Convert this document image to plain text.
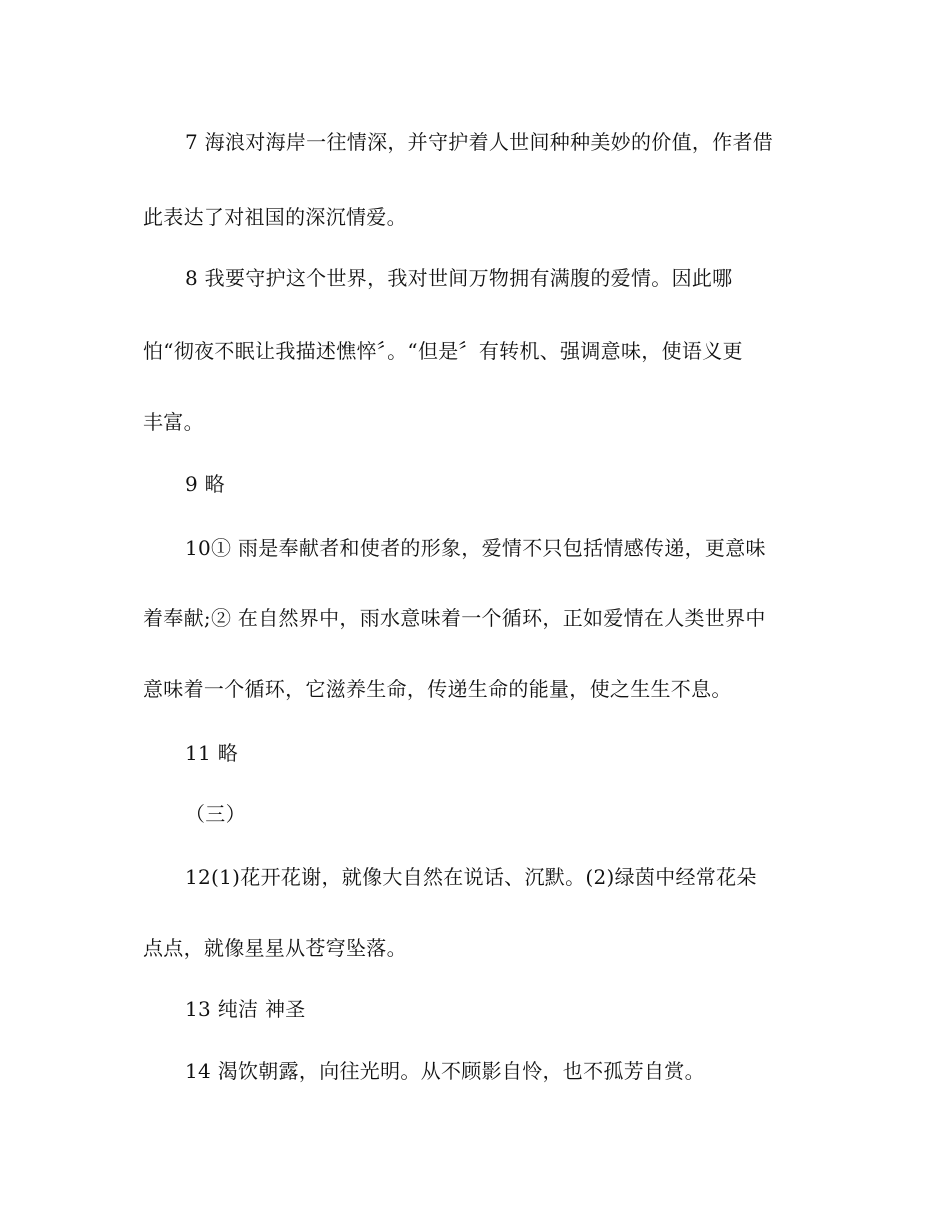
7 海浪对海岸一往情深，并守护着人世间种种美妙的价值，作者借
此表达了对祖国的深沉情爱。
8 我要守护这个世界，我对世间万物拥有满腹的爱情。因此哪
怕“彻夜不眠让我描述憔悴〞。“但是〞有转机、强调意味，使语义更
丰富。
9 略
10① 雨是奉献者和使者的形象，爱情不只包括情感传递，更意味
着奉献;② 在自然界中，雨水意味着一个循环，正如爱情在人类世界中
意味着一个循环，它滋养生命，传递生命的能量，使之生生不息。
11 略
（三）
12(1)花开花谢，就像大自然在说话、沉默。(2)绿茵中经常花朵
点点，就像星星从苍穹坠落。
13 纯洁 神圣
14 渴饮朝露，向往光明。从不顾影自怜，也不孤芳自赏。
